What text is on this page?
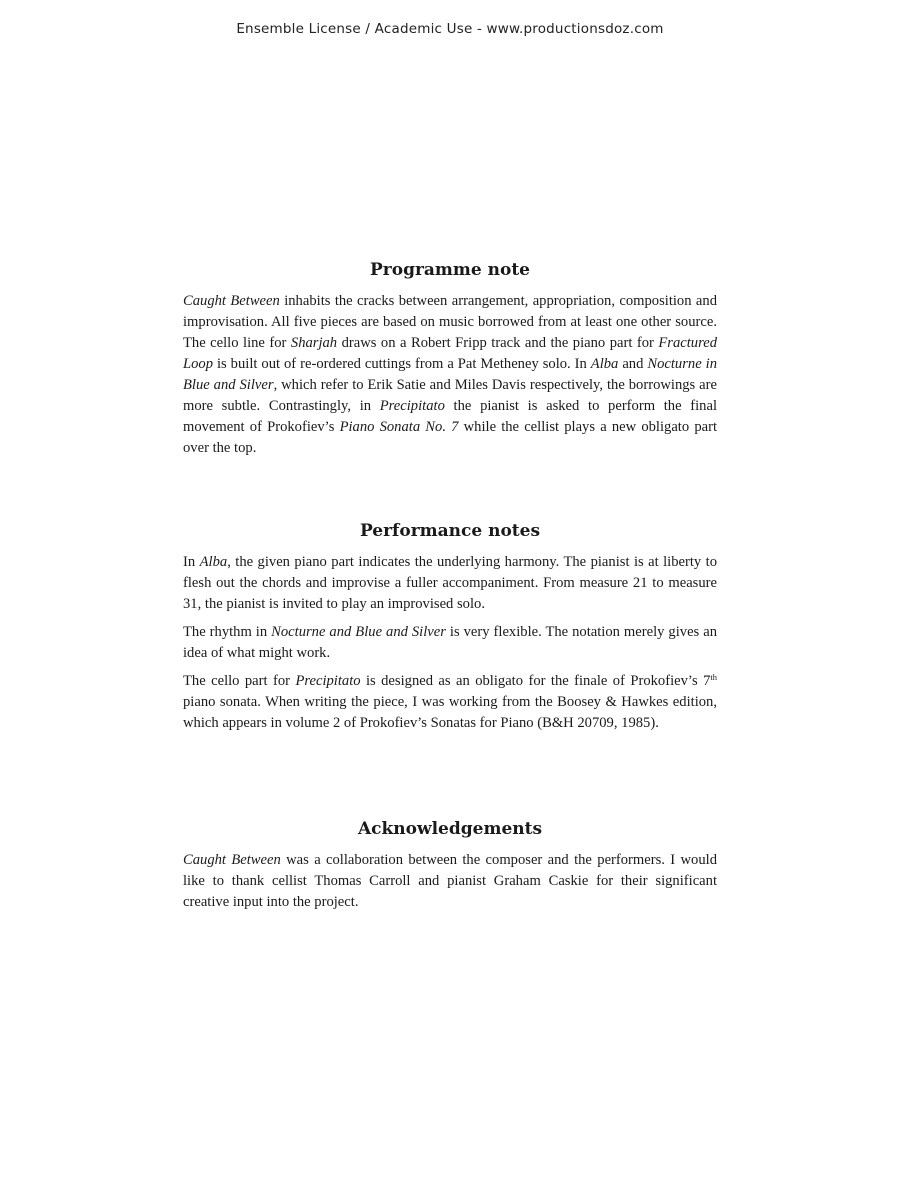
Ensemble License / Academic Use - www.productionsdoz.com
Programme note

Caught Between inhabits the cracks between arrangement, appropriation, composition and improvisation. All five pieces are based on music borrowed from at least one other source. The cello line for Sharjah draws on a Robert Fripp track and the piano part for Fractured Loop is built out of re-ordered cuttings from a Pat Metheney solo. In Alba and Nocturne in Blue and Silver, which refer to Erik Satie and Miles Davis respectively, the borrowings are more subtle. Contrastingly, in Precipitato the pianist is asked to perform the final movement of Prokofiev’s Piano Sonata No. 7 while the cellist plays a new obligato part over the top.

Performance notes

In Alba, the given piano part indicates the underlying harmony. The pianist is at liberty to flesh out the chords and improvise a fuller accompaniment. From measure 21 to measure 31, the pianist is invited to play an improvised solo.

The rhythm in Nocturne and Blue and Silver is very flexible. The notation merely gives an idea of what might work.

The cello part for Precipitato is designed as an obligato for the finale of Prokofiev’s 7th piano sonata. When writing the piece, I was working from the Boosey & Hawkes edition, which appears in volume 2 of Prokofiev’s Sonatas for Piano (B&H 20709, 1985).

Acknowledgements

Caught Between was a collaboration between the composer and the performers. I would like to thank cellist Thomas Carroll and pianist Graham Caskie for their significant creative input into the project.
